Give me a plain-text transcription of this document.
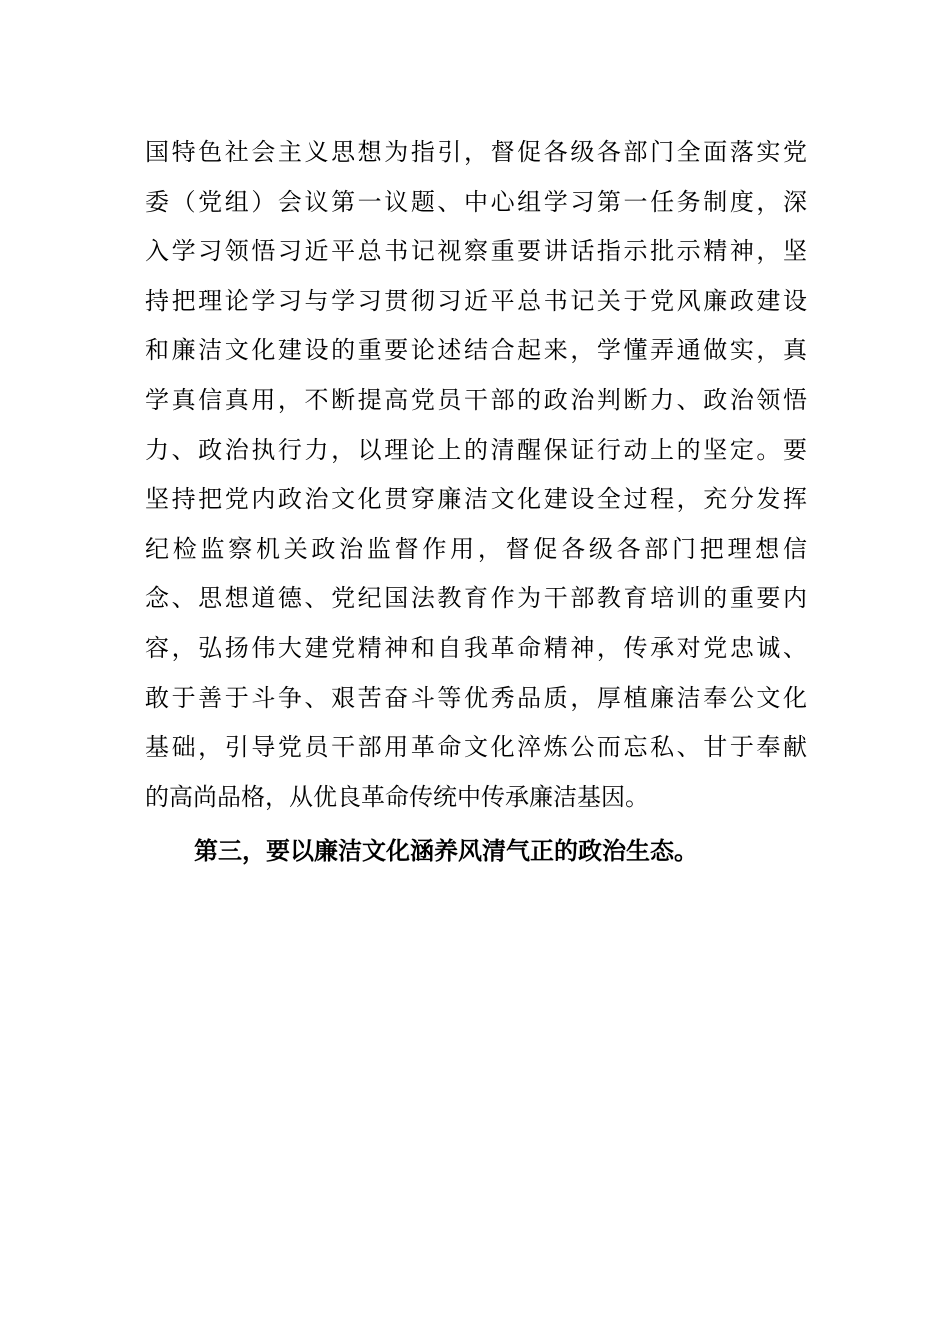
国特色社会主义思想为指引，督促各级各部门全面落实党
委（党组）会议第一议题、中心组学习第一任务制度，深
入学习领悟习近平总书记视察重要讲话指示批示精神，坚
持把理论学习与学习贯彻习近平总书记关于党风廉政建设
和廉洁文化建设的重要论述结合起来，学懂弄通做实，真
学真信真用，不断提高党员干部的政治判断力、政治领悟
力、政治执行力，以理论上的清醒保证行动上的坚定。要
坚持把党内政治文化贯穿廉洁文化建设全过程，充分发挥
纪检监察机关政治监督作用，督促各级各部门把理想信
念、思想道德、党纪国法教育作为干部教育培训的重要内
容，弘扬伟大建党精神和自我革命精神，传承对党忠诚、
敢于善于斗争、艰苦奋斗等优秀品质，厚植廉洁奉公文化
基础，引导党员干部用革命文化淬炼公而忘私、甘于奉献
的高尚品格，从优良革命传统中传承廉洁基因。
第三，要以廉洁文化涵养风清气正的政治生态。
